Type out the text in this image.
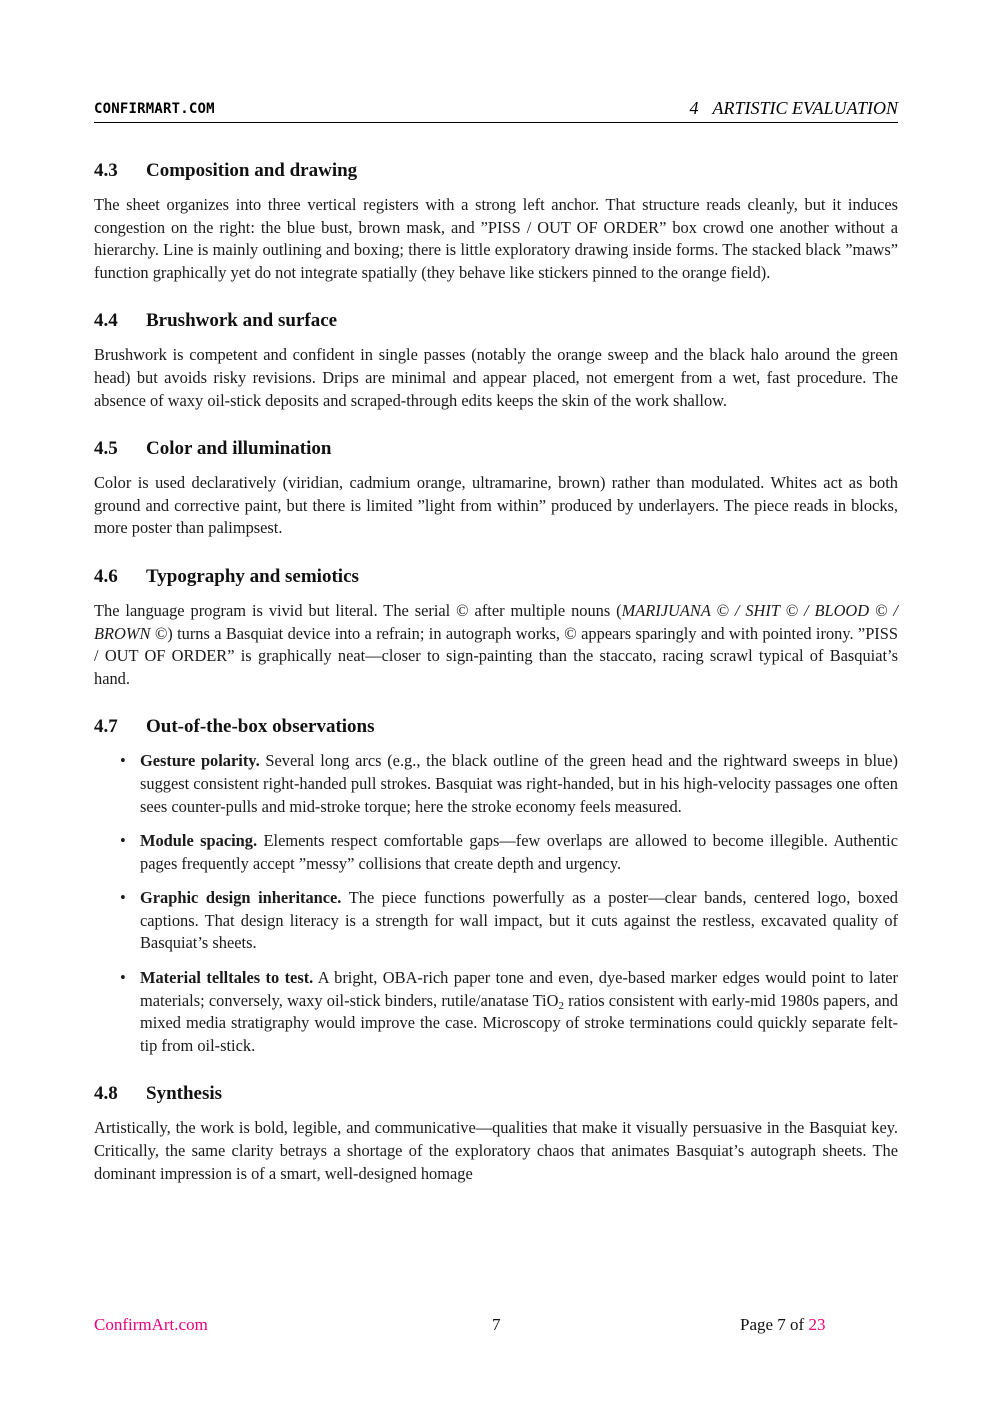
CONFIRMART.COM	4 ARTISTIC EVALUATION
4.3 Composition and drawing

The sheet organizes into three vertical registers with a strong left anchor. That structure reads cleanly, but it induces congestion on the right: the blue bust, brown mask, and ”PISS / OUT OF ORDER” box crowd one another without a hierarchy. Line is mainly outlining and boxing; there is little exploratory drawing inside forms. The stacked black ”maws” function graphically yet do not integrate spatially (they behave like stickers pinned to the orange field).

4.4 Brushwork and surface

Brushwork is competent and confident in single passes (notably the orange sweep and the black halo around the green head) but avoids risky revisions. Drips are minimal and appear placed, not emergent from a wet, fast procedure. The absence of waxy oil-stick deposits and scraped-through edits keeps the skin of the work shallow.

4.5 Color and illumination

Color is used declaratively (viridian, cadmium orange, ultramarine, brown) rather than modulated. Whites act as both ground and corrective paint, but there is limited ”light from within” produced by underlayers. The piece reads in blocks, more poster than palimpsest.

4.6 Typography and semiotics

The language program is vivid but literal. The serial © after multiple nouns (MARIJUANA © / SHIT © / BLOOD © / BROWN ©) turns a Basquiat device into a refrain; in autograph works, © appears sparingly and with pointed irony. ”PISS / OUT OF ORDER” is graphically neat—closer to sign-painting than the staccato, racing scrawl typical of Basquiat’s hand.

4.7 Out-of-the-box observations
• Gesture polarity. Several long arcs (e.g., the black outline of the green head and the rightward sweeps in blue) suggest consistent right-handed pull strokes. Basquiat was right-handed, but in his high-velocity passages one often sees counter-pulls and mid-stroke torque; here the stroke economy feels measured.
• Module spacing. Elements respect comfortable gaps—few overlaps are allowed to become illegible. Authentic pages frequently accept ”messy” collisions that create depth and urgency.
• Graphic design inheritance. The piece functions powerfully as a poster—clear bands, centered logo, boxed captions. That design literacy is a strength for wall impact, but it cuts against the restless, excavated quality of Basquiat’s sheets.
• Material telltales to test. A bright, OBA-rich paper tone and even, dye-based marker edges would point to later materials; conversely, waxy oil-stick binders, rutile/anatase TiO$_2$ ratios consistent with early-mid 1980s papers, and mixed media stratigraphy would improve the case. Microscopy of stroke terminations could quickly separate felt-tip from oil-stick.
4.8 Synthesis

Artistically, the work is bold, legible, and communicative—qualities that make it visually persuasive in the Basquiat key. Critically, the same clarity betrays a shortage of the exploratory chaos that animates Basquiat’s autograph sheets. The dominant impression is of a smart, well-designed homage

ConfirmArt.com	7	Page 7 of 23
